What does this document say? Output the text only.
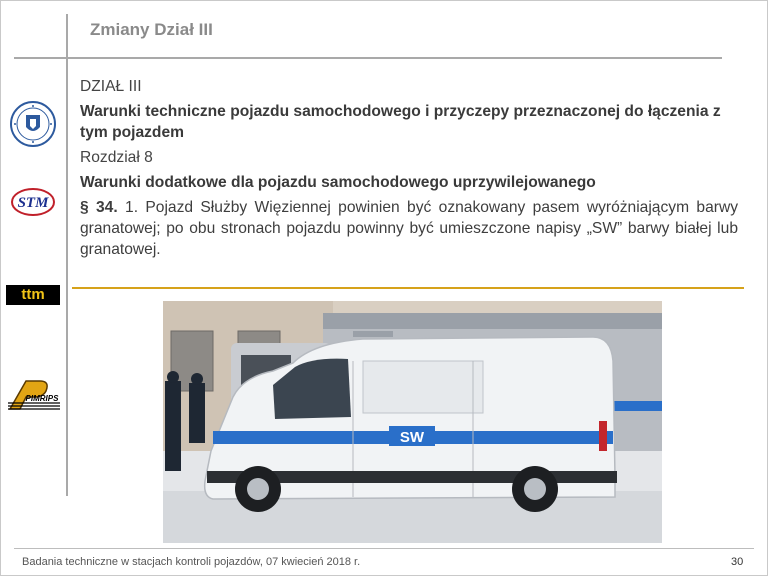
Zmiany Dział III
STM
ttm
PIMRIPS

DZIAŁ III

Warunki techniczne pojazdu samochodowego i przyczepy przeznaczonej do łączenia z tym pojazdem

Rozdział 8

Warunki dodatkowe dla pojazdu samochodowego uprzywilejowanego

§ 34. 1. Pojazd Służby Więziennej powinien być oznakowany pasem wyróżniającym barwy granatowej; po obu stronach pojazdu powinny być umieszczone napisy „SW” barwy białej lub granatowej.

SW
Badania techniczne w stacjach kontroli pojazdów, 07 kwiecień 2018 r.	30
